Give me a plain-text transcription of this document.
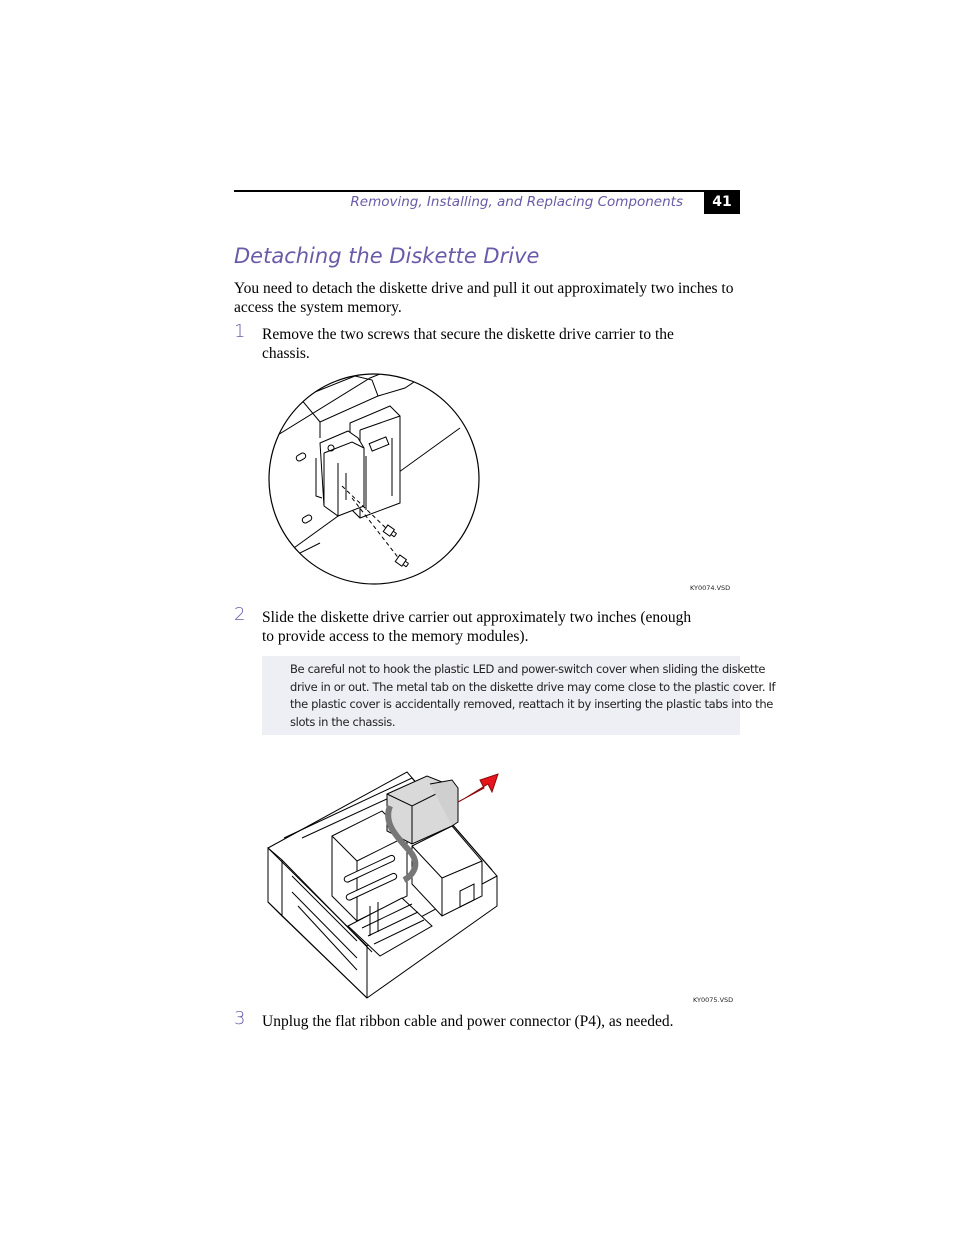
Removing, Installing, and Replacing Components	41
Detaching the Diskette Drive
You need to detach the diskette drive and pull it out approximately two inches to access the system memory.
1 Remove the two screws that secure the diskette drive carrier to the
chassis.
KY0074.VSD
2 Slide the diskette drive carrier out approximately two inches (enough
to provide access to the memory modules).
Be careful not to hook the plastic LED and power-switch cover when sliding the diskette
drive in or out. The metal tab on the diskette drive may come close to the plastic cover. If
the plastic cover is accidentally removed, reattach it by inserting the plastic tabs into the
slots in the chassis.
KY0075.VSD
3 Unplug the flat ribbon cable and power connector (P4), as needed.
